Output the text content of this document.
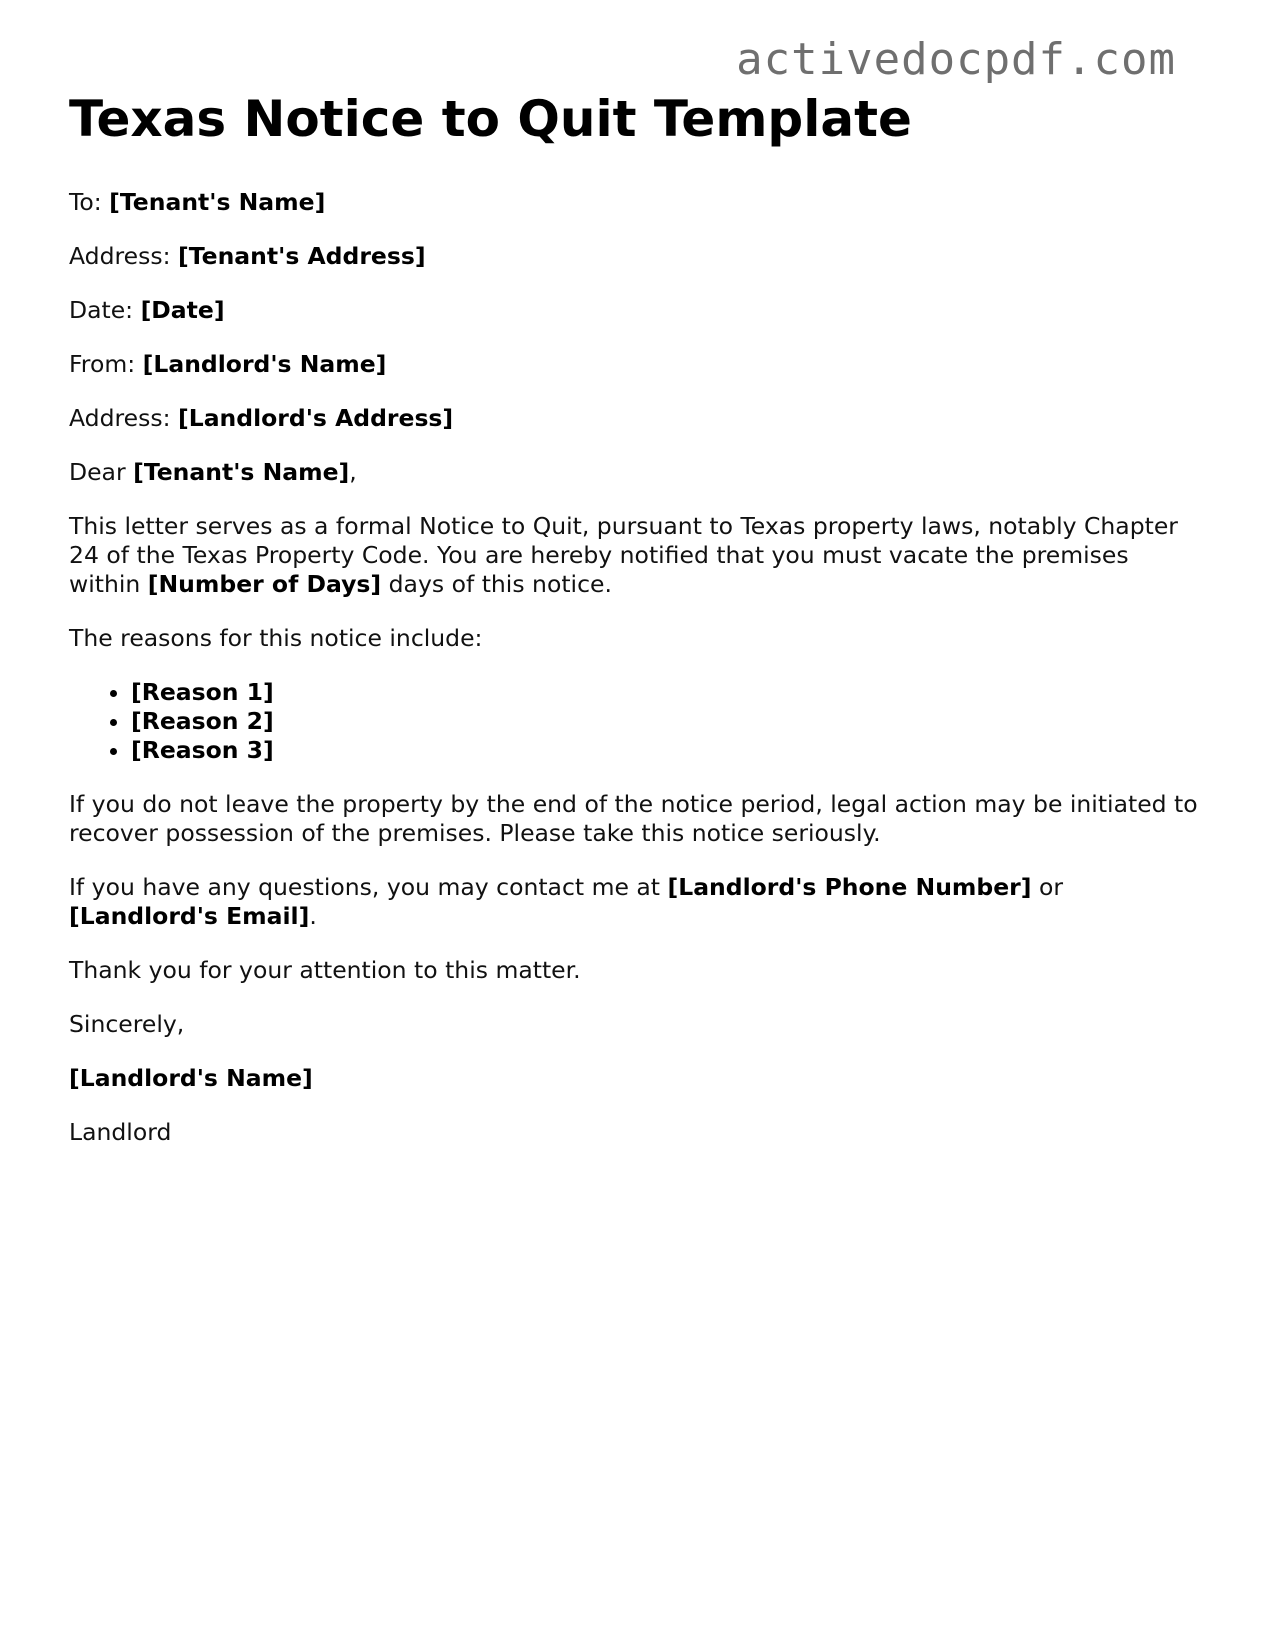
activedocpdf.com
Texas Notice to Quit Template

To: [Tenant's Name]

Address: [Tenant's Address]

Date: [Date]

From: [Landlord's Name]

Address: [Landlord's Address]

Dear [Tenant's Name],

This letter serves as a formal Notice to Quit, pursuant to Texas property laws, notably Chapter 24 of the Texas Property Code. You are hereby notified that you must vacate the premises within [Number of Days] days of this notice.

The reasons for this notice include:

• [Reason 1]
• [Reason 2]
• [Reason 3]

If you do not leave the property by the end of the notice period, legal action may be initiated to recover possession of the premises. Please take this notice seriously.

If you have any questions, you may contact me at [Landlord's Phone Number] or [Landlord's Email].

Thank you for your attention to this matter.

Sincerely,

[Landlord's Name]

Landlord
